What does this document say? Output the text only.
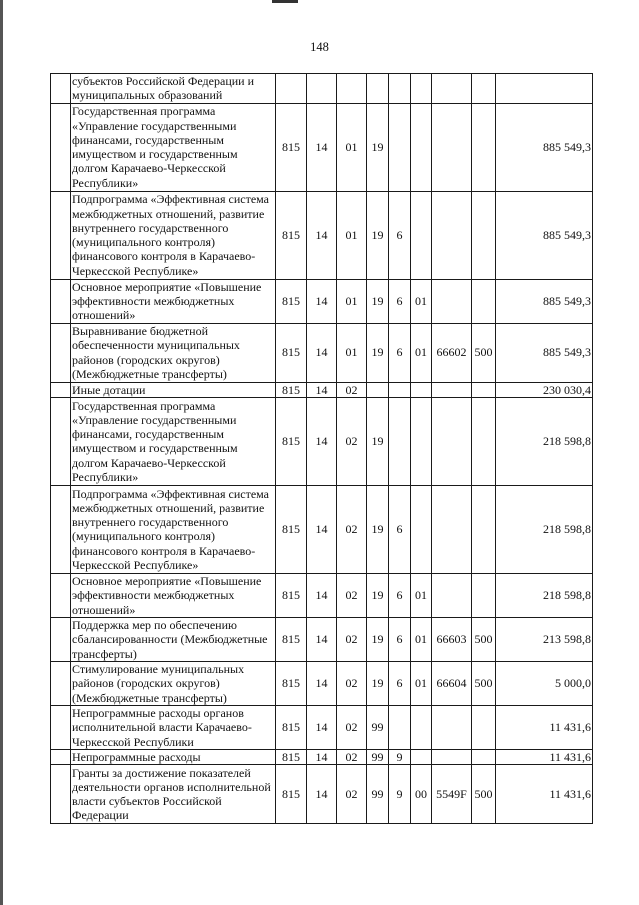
148
	субъектов Российской Федерации и муниципальных образований									
	Государственная программа «Управление государственными финансами, государственным имуществом и государственным долгом Карачаево-Черкесской Республики»	815	14	01	19					885 549,3
	Подпрограмма «Эффективная система межбюджетных отношений, развитие внутреннего государственного (муниципального контроля) финансового контроля в Карачаево-Черкесской Республике»	815	14	01	19	6				885 549,3
	Основное мероприятие «Повышение эффективности межбюджетных отношений»	815	14	01	19	6	01			885 549,3
	Выравнивание бюджетной обеспеченности муниципальных районов (городских округов) (Межбюджетные трансферты)	815	14	01	19	6	01	66602	500	885 549,3
	Иные дотации	815	14	02						230 030,4
	Государственная программа «Управление государственными финансами, государственным имуществом и государственным долгом Карачаево-Черкесской Республики»	815	14	02	19					218 598,8
	Подпрограмма «Эффективная система межбюджетных отношений, развитие внутреннего государственного (муниципального контроля) финансового контроля в Карачаево-Черкесской Республике»	815	14	02	19	6				218 598,8
	Основное мероприятие «Повышение эффективности межбюджетных отношений»	815	14	02	19	6	01			218 598,8
	Поддержка мер по обеспечению сбалансированности (Межбюджетные трансферты)	815	14	02	19	6	01	66603	500	213 598,8
	Стимулирование муниципальных районов (городских округов) (Межбюджетные трансферты)	815	14	02	19	6	01	66604	500	5 000,0
	Непрограммные расходы органов исполнительной власти Карачаево-Черкесской Республики	815	14	02	99					11 431,6
	Непрограммные расходы	815	14	02	99	9				11 431,6
	Гранты за достижение показателей деятельности органов исполнительной власти субъектов Российской Федерации	815	14	02	99	9	00	5549F	500	11 431,6
